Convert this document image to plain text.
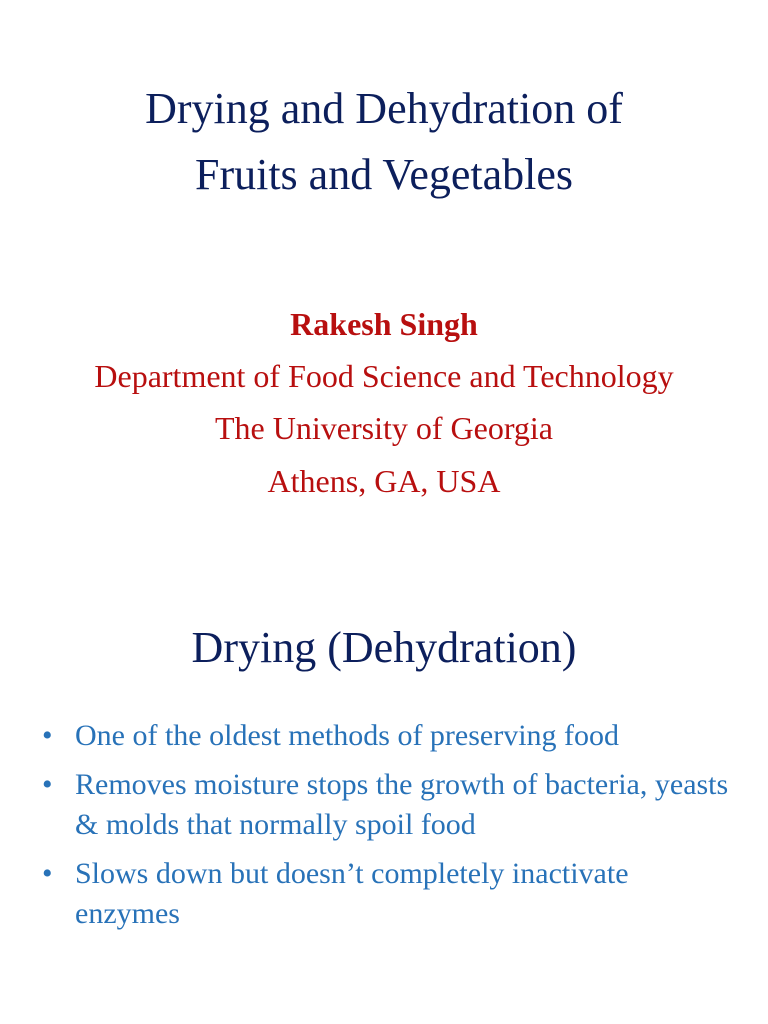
Drying and Dehydration of
Fruits and Vegetables
Rakesh Singh
Department of Food Science and Technology
The University of Georgia
Athens, GA, USA
Drying (Dehydration)
• One of the oldest methods of preserving food
• Removes moisture stops the growth of bacteria, yeasts & molds that normally spoil food
• Slows down but doesn’t completely inactivate enzymes
